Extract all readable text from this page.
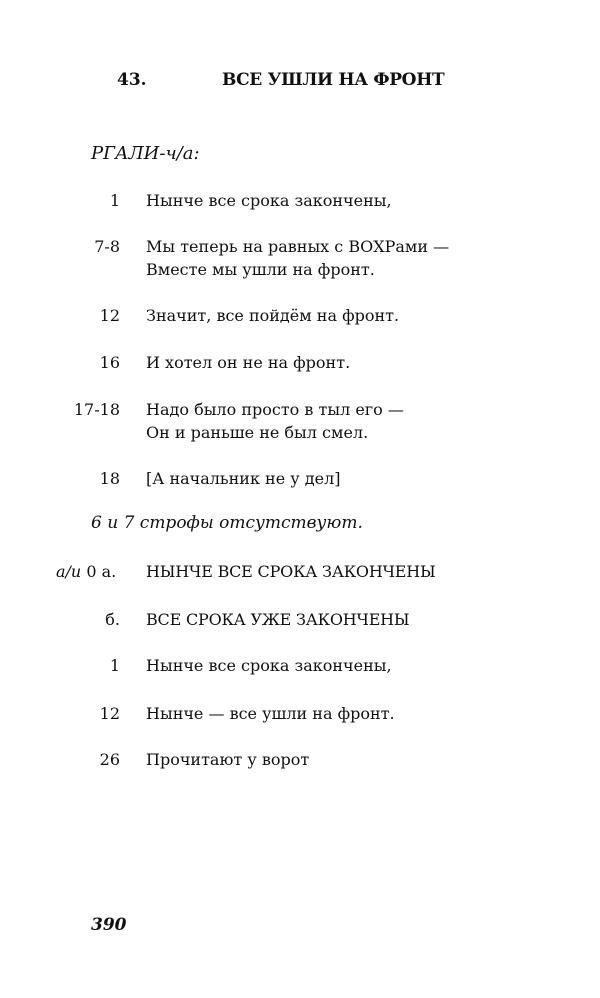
43.	ВСЕ УШЛИ НА ФРОНТ
РГАЛИ-ч/а:
1 Нынче все срока закончены,
7-8 Мы теперь на равных с ВОХРами —
Вместе мы ушли на фронт.
12 Значит, все пойдём на фронт.
16 И хотел он не на фронт.
17-18 Надо было просто в тыл его —
Он и раньше не был смел.
18 [А начальник не у дел]
6 и 7 строфы отсутствуют.
а/и 0 а. НЫНЧЕ ВСЕ СРОКА ЗАКОНЧЕНЫ
б. ВСЕ СРОКА УЖЕ ЗАКОНЧЕНЫ
1 Нынче все срока закончены,
12 Нынче — все ушли на фронт.
26 Прочитают у ворот
390
